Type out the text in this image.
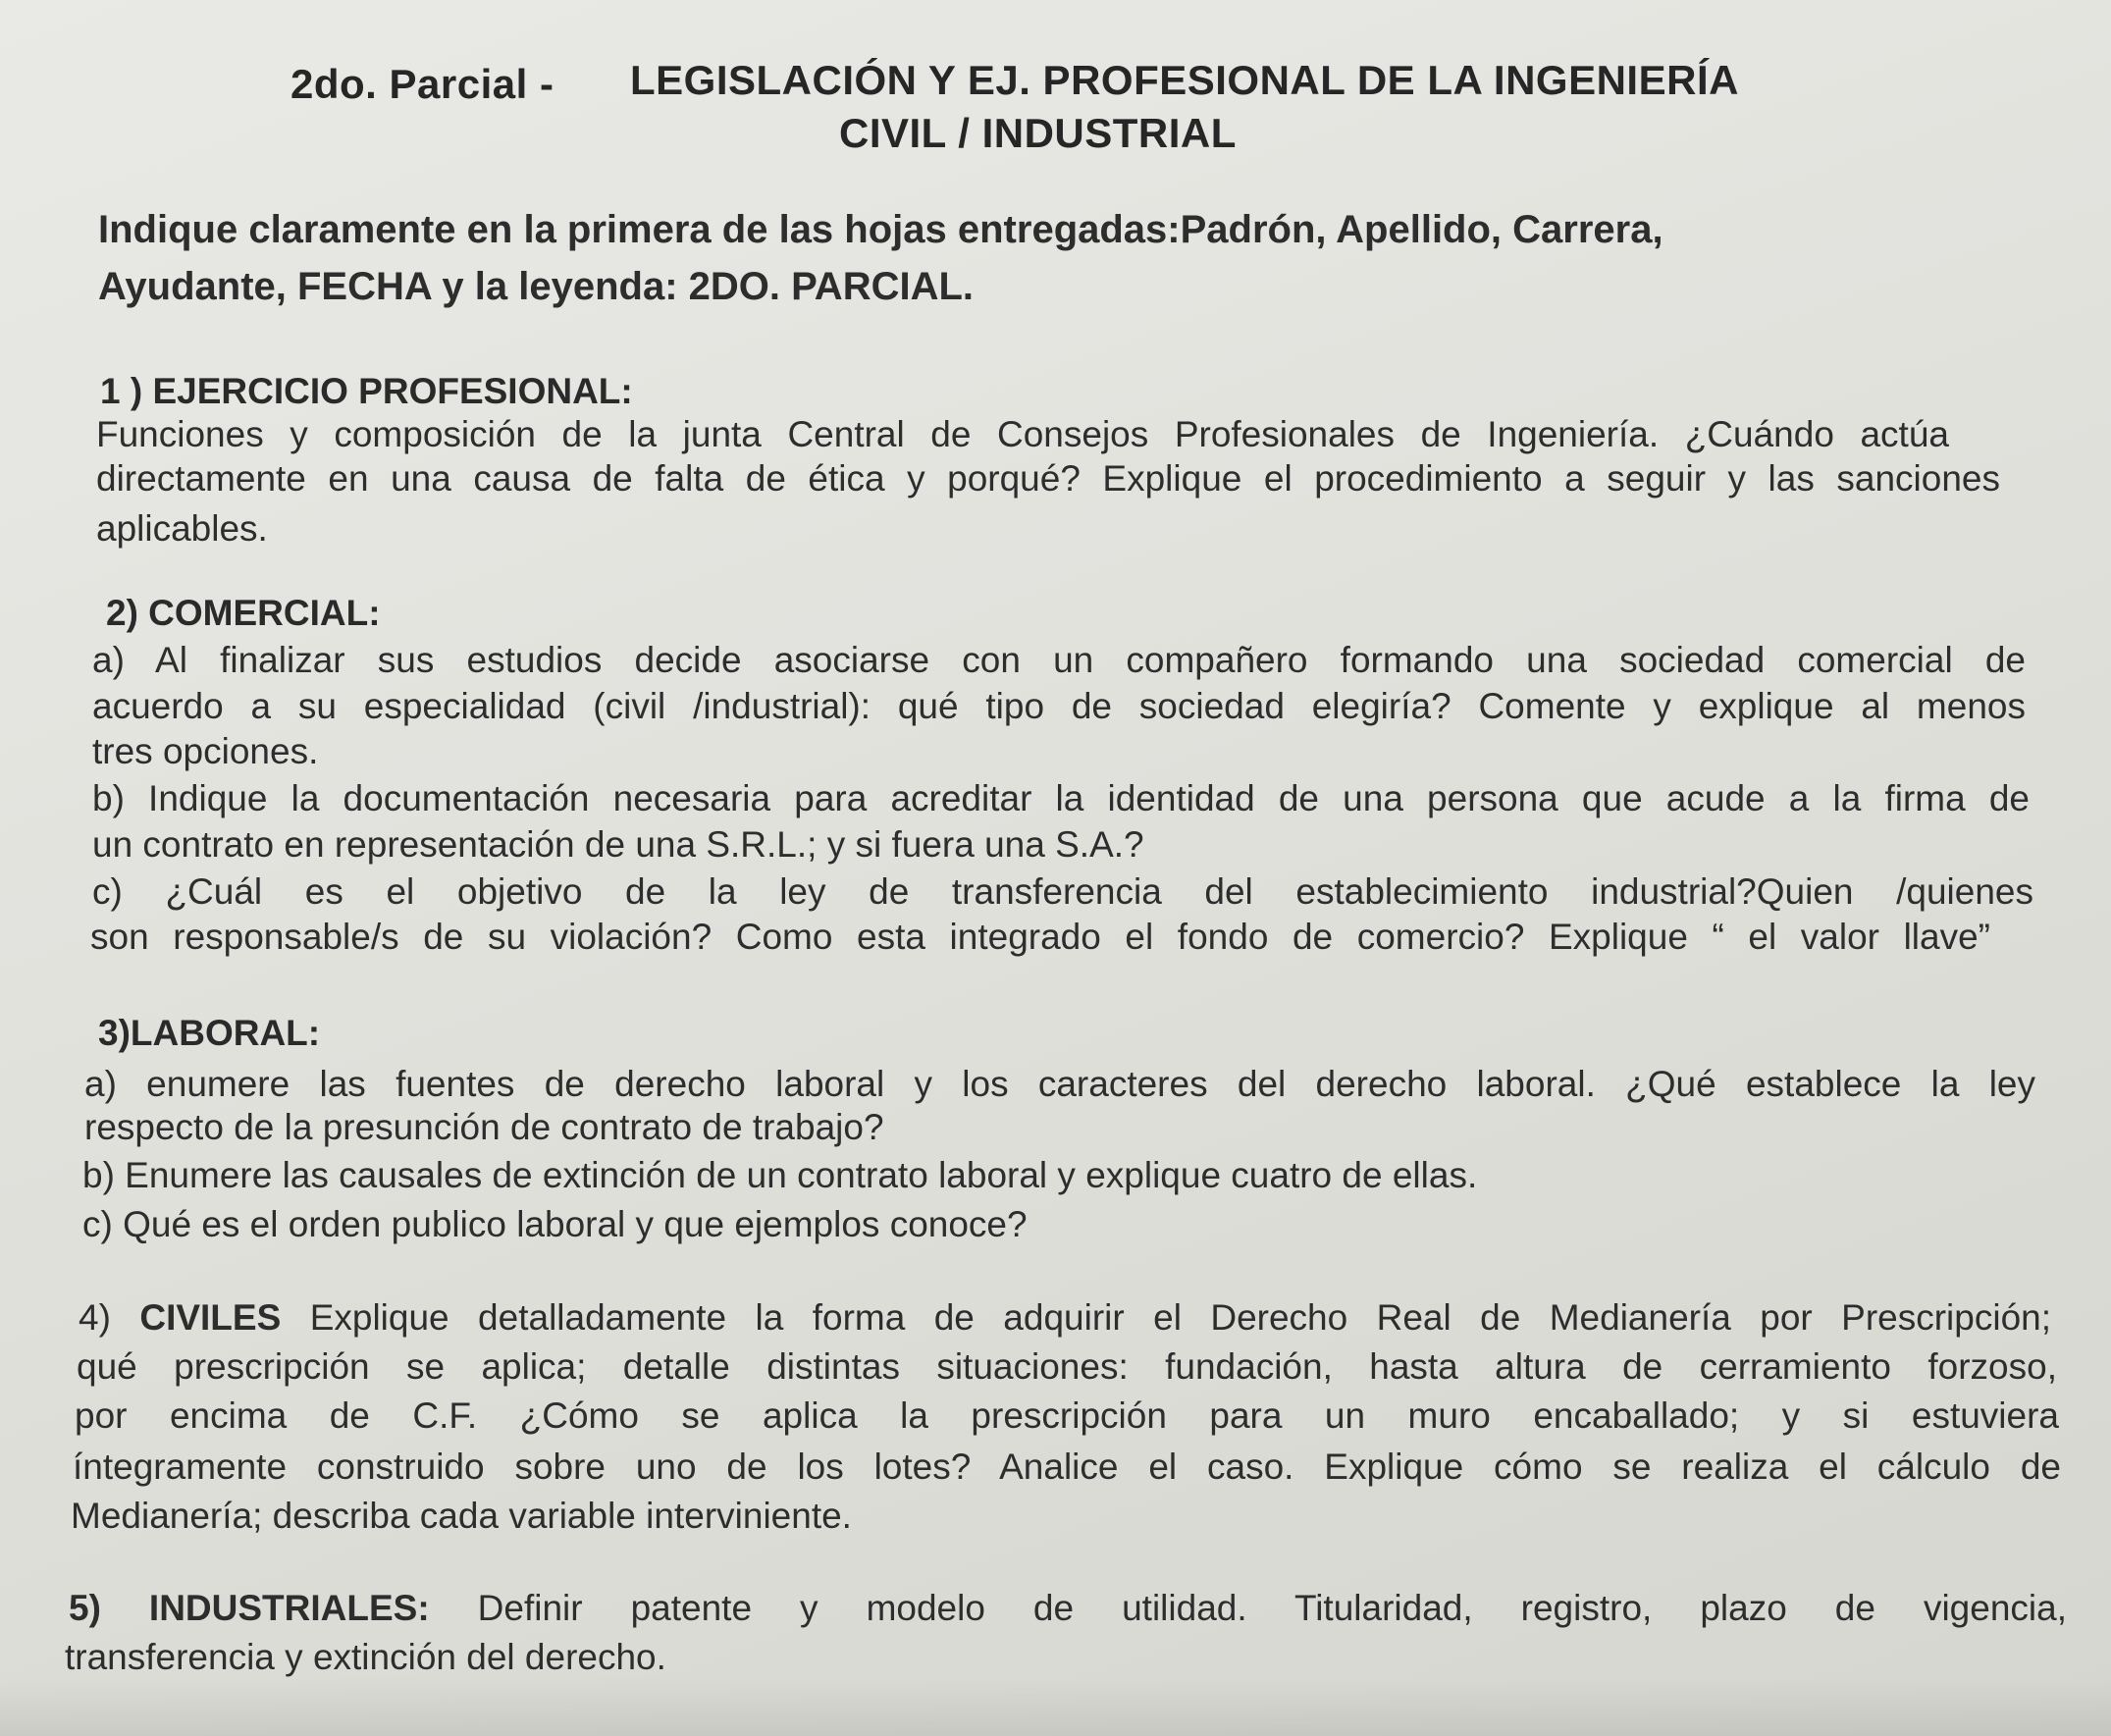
2do. Parcial - LEGISLACIÓN Y EJ. PROFESIONAL DE LA INGENIERÍA
CIVIL / INDUSTRIAL
Indique claramente en la primera de las hojas entregadas:Padrón, Apellido, Carrera,
Ayudante, FECHA y la leyenda: 2DO. PARCIAL.
1 ) EJERCICIO PROFESIONAL:
Funciones y composición de la junta Central de Consejos Profesionales de Ingeniería. ¿Cuándo actúa
directamente en una causa de falta de ética y porqué? Explique el procedimiento a seguir y las sanciones
aplicables.
2) COMERCIAL:
a) Al finalizar sus estudios decide asociarse con un compañero formando una sociedad comercial de
acuerdo a su especialidad (civil /industrial): qué tipo de sociedad elegiría? Comente y explique al menos
tres opciones.
b) Indique la documentación necesaria para acreditar la identidad de una persona que acude a la firma de
un contrato en representación de una S.R.L.; y si fuera una S.A.?
c) ¿Cuál es el objetivo de la ley de transferencia del establecimiento industrial?Quien /quienes
son responsable/s de su violación? Como esta integrado el fondo de comercio? Explique “ el valor llave”
3)LABORAL:
a) enumere las fuentes de derecho laboral y los caracteres del derecho laboral. ¿Qué establece la ley
respecto de la presunción de contrato de trabajo?
b) Enumere las causales de extinción de un contrato laboral y explique cuatro de ellas.
c) Qué es el orden publico laboral y que ejemplos conoce?
4) CIVILES Explique detalladamente la forma de adquirir el Derecho Real de Medianería por Prescripción;
qué prescripción se aplica; detalle distintas situaciones: fundación, hasta altura de cerramiento forzoso,
por encima de C.F. ¿Cómo se aplica la prescripción para un muro encaballado; y si estuviera
íntegramente construido sobre uno de los lotes? Analice el caso. Explique cómo se realiza el cálculo de
Medianería; describa cada variable interviniente.
5) INDUSTRIALES: Definir patente y modelo de utilidad. Titularidad, registro, plazo de vigencia,
transferencia y extinción del derecho.
